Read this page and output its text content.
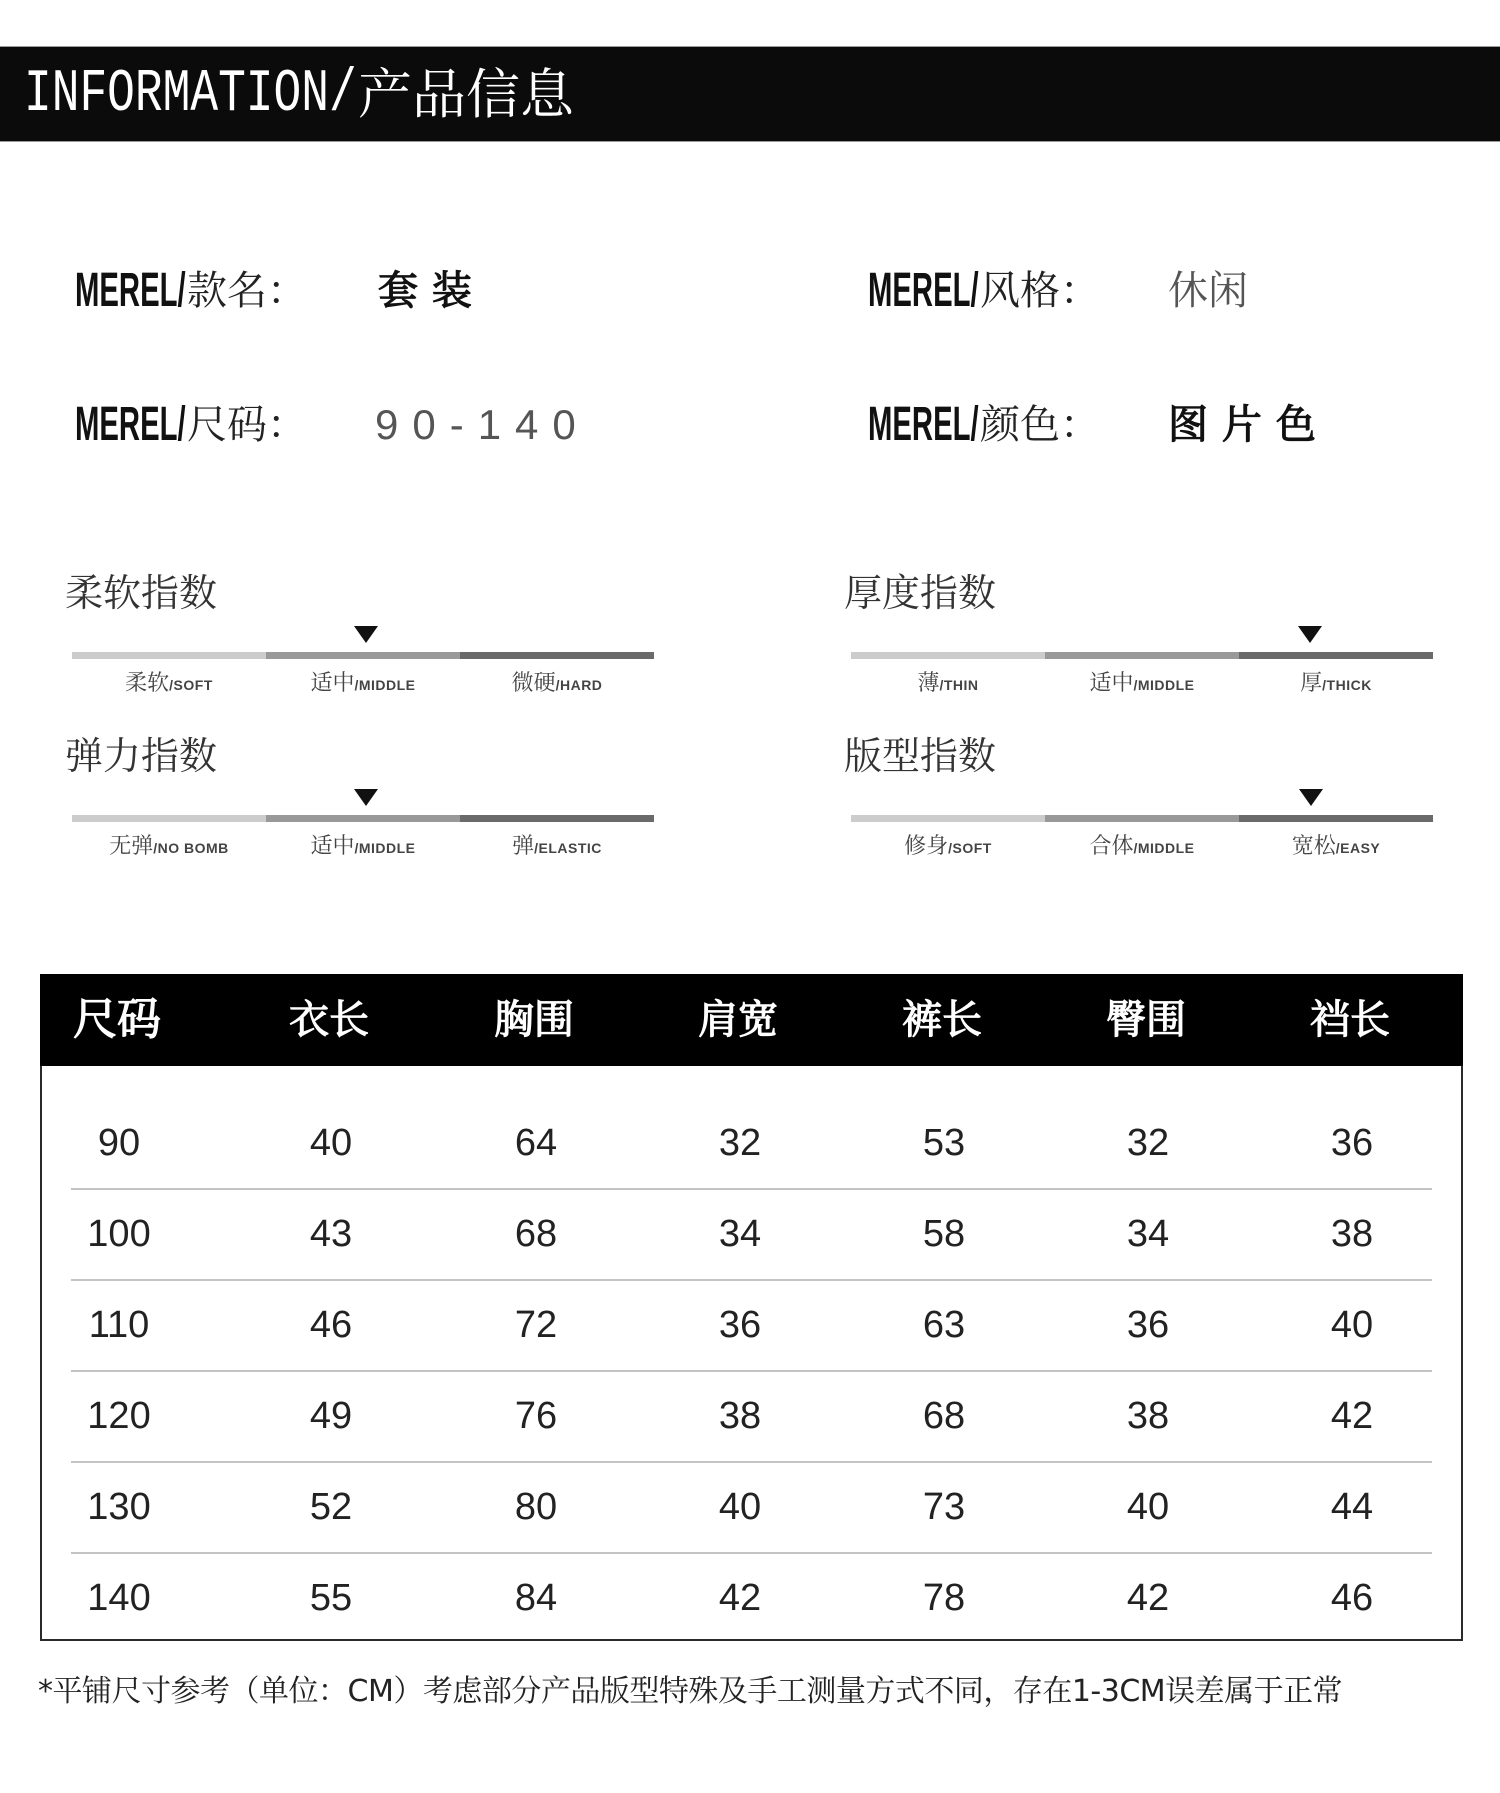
INFORMATION/ 产品信息
MEREL/款名： 套 装	MEREL/风格： 休闲
MEREL/尺码： 90-140	MEREL/颜色： 图 片 色
柔软指数
柔软/SOFT	适中/MIDDLE	微硬/HARD
厚度指数
薄/THIN	适中/MIDDLE	厚/THICK
弹力指数
无弹/NO BOMB	适中/MIDDLE	弹/ELASTIC
版型指数
修身/SOFT	合体/MIDDLE	宽松/EASY
尺码	衣长	胸围	肩宽	裤长	臀围	裆长
90	40	64	32	53	32	36
100	43	68	34	58	34	38
110	46	72	36	63	36	40
120	49	76	38	68	38	42
130	52	80	40	73	40	44
140	55	84	42	78	42	46
*平铺尺寸参考（单位：CM）考虑部分产品版型特殊及手工测量方式不同，存在1-3CM误差属于正常
